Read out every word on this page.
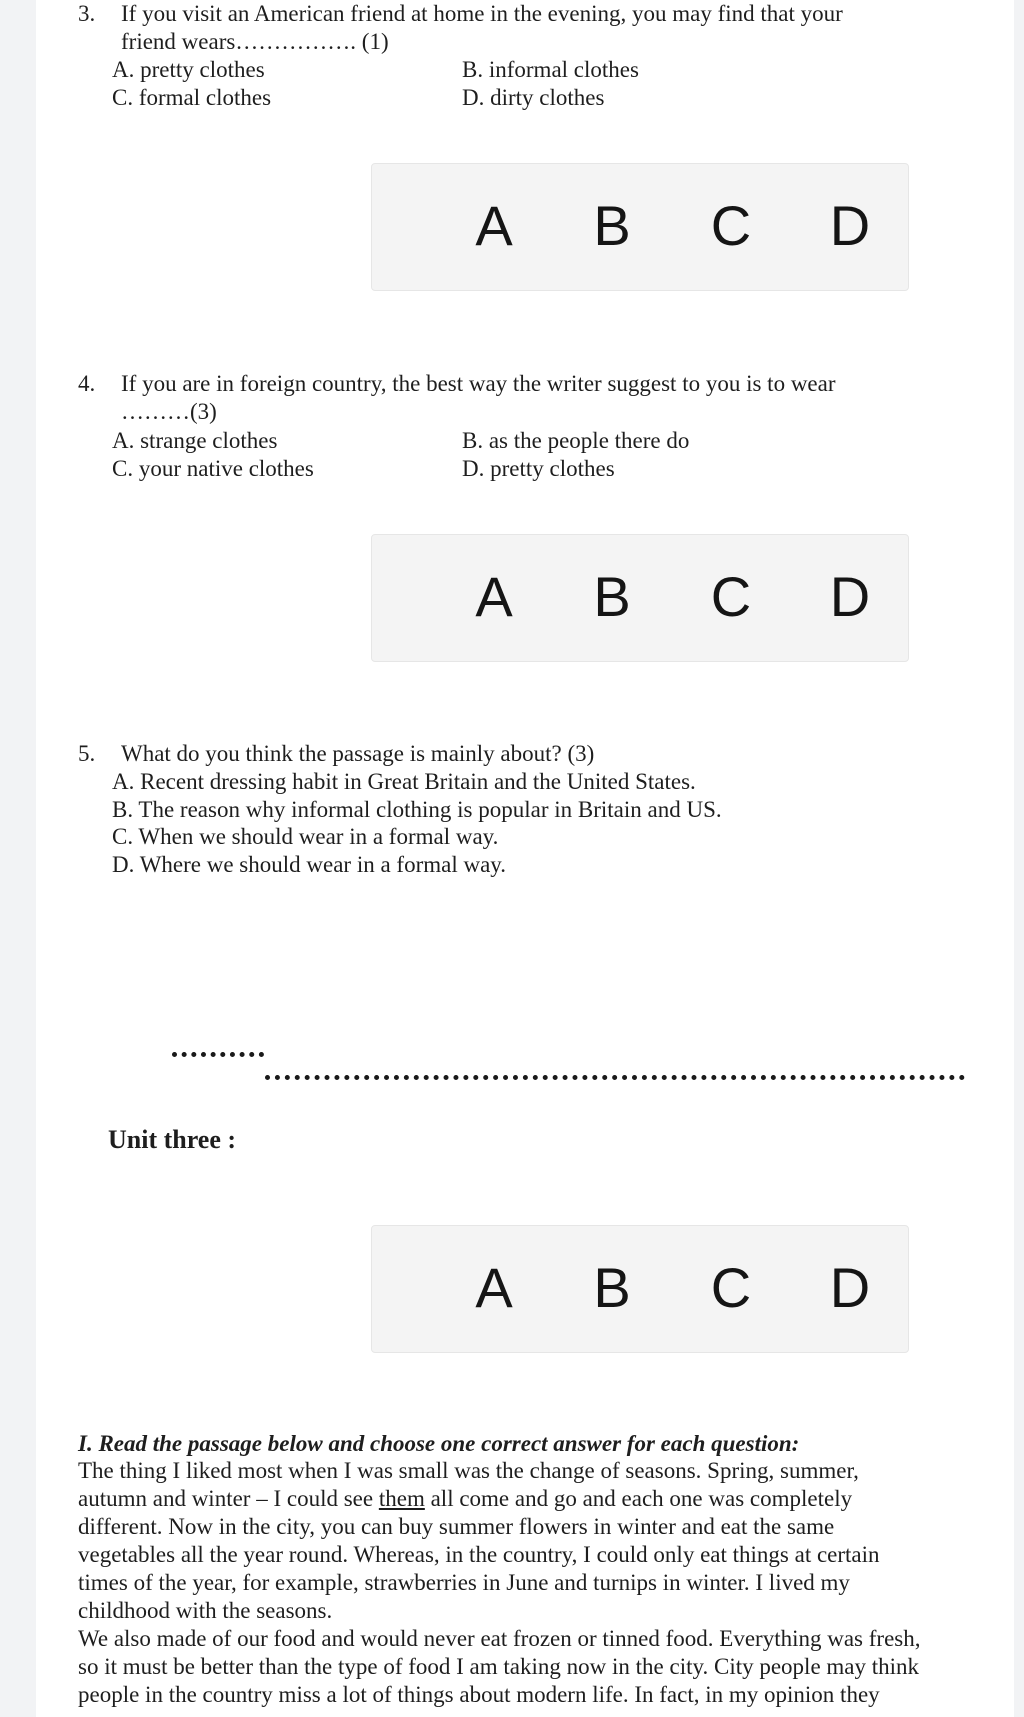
3. If you visit an American friend at home in the evening, you may find that your
friend wears……………. (1)
A. pretty clothes	B. informal clothes
C. formal clothes	D. dirty clothes
A B C D
4. If you are in foreign country, the best way the writer suggest to you is to wear
………(3)
A. strange clothes	B. as the people there do
C. your native clothes	D. pretty clothes
A B C D
5. What do you think the passage is mainly about? (3)
A. Recent dressing habit in Great Britain and the United States.
B. The reason why informal clothing is popular in Britain and US.
C. When we should wear in a formal way.
D. Where we should wear in a formal way.
Unit three :
A B C D
I. Read the passage below and choose one correct answer for each question:
The thing I liked most when I was small was the change of seasons. Spring, summer,
autumn and winter – I could see them all come and go and each one was completely
different. Now in the city, you can buy summer flowers in winter and eat the same
vegetables all the year round. Whereas, in the country, I could only eat things at certain
times of the year, for example, strawberries in June and turnips in winter. I lived my
childhood with the seasons.
We also made of our food and would never eat frozen or tinned food. Everything was fresh,
so it must be better than the type of food I am taking now in the city. City people may think
people in the country miss a lot of things about modern life. In fact, in my opinion they
